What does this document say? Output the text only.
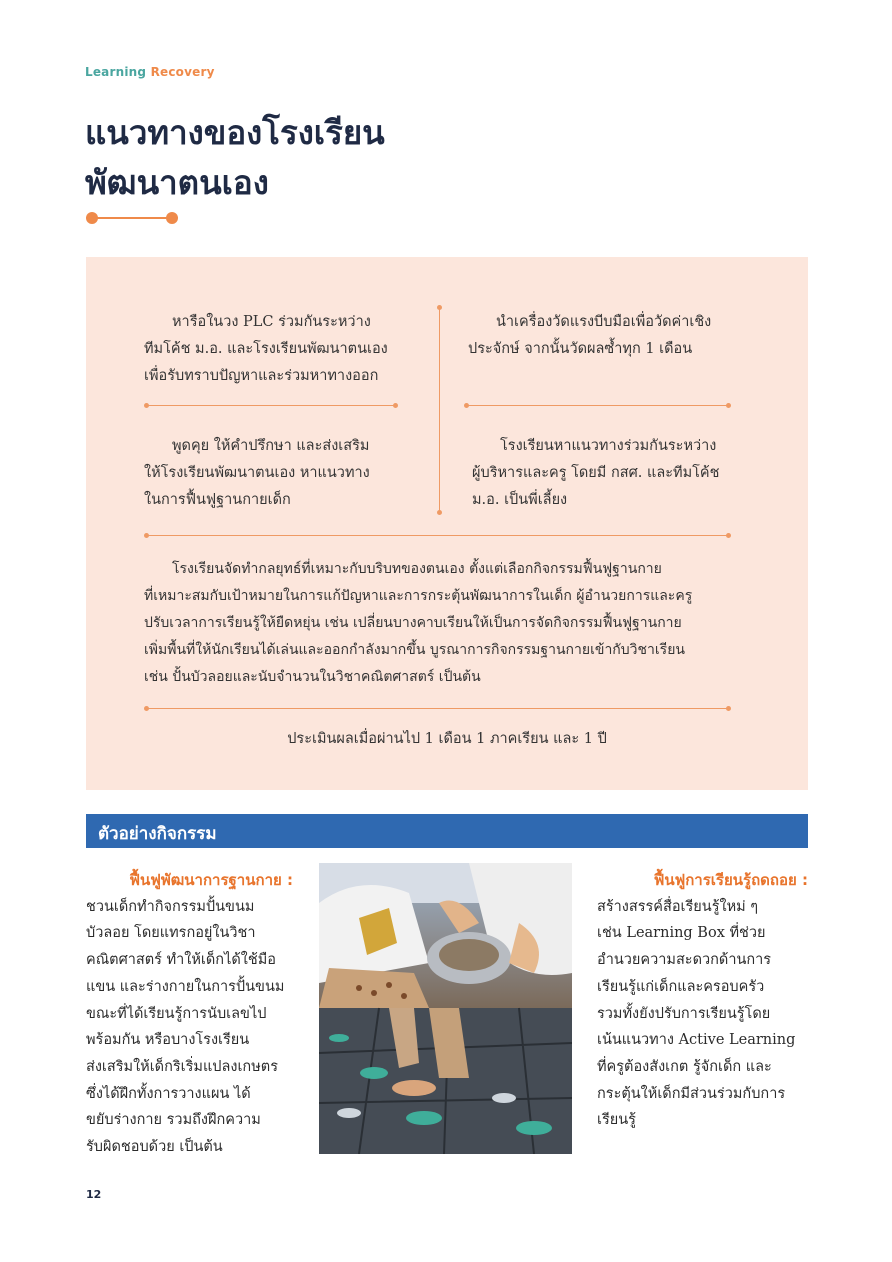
Learning Recovery
แนวทางของโรงเรียน
พัฒนาตนเอง
หารือในวง PLC ร่วมกันระหว่าง
ทีมโค้ช ม.อ. และโรงเรียนพัฒนาตนเอง
เพื่อรับทราบปัญหาและร่วมหาทางออก
นำเครื่องวัดแรงบีบมือเพื่อวัดค่าเชิง
ประจักษ์ จากนั้นวัดผลซ้ำทุก 1 เดือน
พูดคุย ให้คำปรึกษา และส่งเสริม
ให้โรงเรียนพัฒนาตนเอง หาแนวทาง
ในการฟื้นฟูฐานกายเด็ก
โรงเรียนหาแนวทางร่วมกันระหว่าง
ผู้บริหารและครู โดยมี กสศ. และทีมโค้ช
ม.อ. เป็นพี่เลี้ยง
โรงเรียนจัดทำกลยุทธ์ที่เหมาะกับบริบทของตนเอง ตั้งแต่เลือกกิจกรรมฟื้นฟูฐานกาย
ที่เหมาะสมกับเป้าหมายในการแก้ปัญหาและการกระตุ้นพัฒนาการในเด็ก ผู้อำนวยการและครู
ปรับเวลาการเรียนรู้ให้ยืดหยุ่น เช่น เปลี่ยนบางคาบเรียนให้เป็นการจัดกิจกรรมฟื้นฟูฐานกาย
เพิ่มพื้นที่ให้นักเรียนได้เล่นและออกกำลังมากขึ้น บูรณาการกิจกรรมฐานกายเข้ากับวิชาเรียน
เช่น ปั้นบัวลอยและนับจำนวนในวิชาคณิตศาสตร์ เป็นต้น
ประเมินผลเมื่อผ่านไป 1 เดือน 1 ภาคเรียน และ 1 ปี
ตัวอย่างกิจกรรม
ฟื้นฟูพัฒนาการฐานกาย :
ชวนเด็กทำกิจกรรมปั้นขนม
บัวลอย โดยแทรกอยู่ในวิชา
คณิตศาสตร์ ทำให้เด็กได้ใช้มือ
แขน และร่างกายในการปั้นขนม
ขณะที่ได้เรียนรู้การนับเลขไป
พร้อมกัน หรือบางโรงเรียน
ส่งเสริมให้เด็กริเริ่มแปลงเกษตร
ซึ่งได้ฝึกทั้งการวางแผน ได้
ขยับร่างกาย รวมถึงฝึกความ
รับผิดชอบด้วย เป็นต้น
ฟื้นฟูการเรียนรู้ถดถอย :
สร้างสรรค์สื่อเรียนรู้ใหม่ ๆ
เช่น Learning Box ที่ช่วย
อำนวยความสะดวกด้านการ
เรียนรู้แก่เด็กและครอบครัว
รวมทั้งยังปรับการเรียนรู้โดย
เน้นแนวทาง Active Learning
ที่ครูต้องสังเกต รู้จักเด็ก และ
กระตุ้นให้เด็กมีส่วนร่วมกับการ
เรียนรู้
12
